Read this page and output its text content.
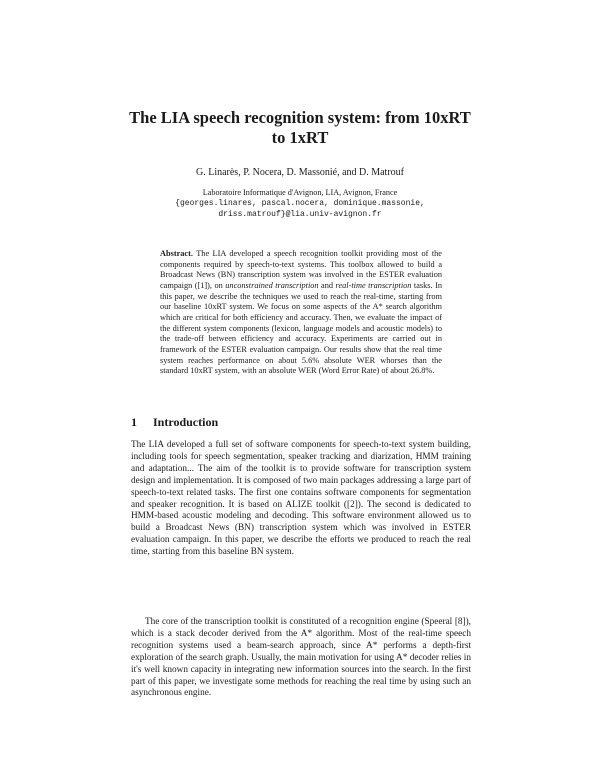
The LIA speech recognition system: from 10xRT
to 1xRT
G. Linarès, P. Nocera, D. Massonié, and D. Matrouf
Laboratoire Informatique d'Avignon, LIA, Avignon, France
{georges.linares, pascal.nocera, dominique.massonie,
driss.matrouf}@lia.univ-avignon.fr

Abstract. The LIA developed a speech recognition toolkit providing most of the components required by speech-to-text systems. This toolbox allowed to build a Broadcast News (BN) transcription system was involved in the ESTER evaluation campaign ([1]), on unconstrained transcription and real-time transcription tasks. In this paper, we describe the techniques we used to reach the real-time, starting from our baseline 10xRT system. We focus on some aspects of the A* search algorithm which are critical for both efficiency and accuracy. Then, we evaluate the impact of the different system components (lexicon, language models and acoustic models) to the trade-off between efficiency and accuracy. Experiments are carried out in framework of the ESTER evaluation campaign. Our results show that the real time system reaches performance on about 5.6% absolute WER whorses than the standard 10xRT system, with an absolute WER (Word Error Rate) of about 26.8%.

1 Introduction

The LIA developed a full set of software components for speech-to-text system building, including tools for speech segmentation, speaker tracking and diarization, HMM training and adaptation... The aim of the toolkit is to provide software for transcription system design and implementation. It is composed of two main packages addressing a large part of speech-to-text related tasks. The first one contains software components for segmentation and speaker recognition. It is based on ALIZE toolkit ([2]). The second is dedicated to HMM-based acoustic modeling and decoding. This software environment allowed us to build a Broadcast News (BN) transcription system which was involved in ESTER evaluation campaign. In this paper, we describe the efforts we produced to reach the real time, starting from this baseline BN system.

The core of the transcription toolkit is constituted of a recognition engine (Speeral [8]), which is a stack decoder derived from the A* algorithm. Most of the real-time speech recognition systems used a beam-search approach, since A* performs a depth-first exploration of the search graph. Usually, the main motivation for using A* decoder relies in it's well known capacity in integrating new information sources into the search. In the first part of this paper, we investigate some methods for reaching the real time by using such an asynchronous engine.
